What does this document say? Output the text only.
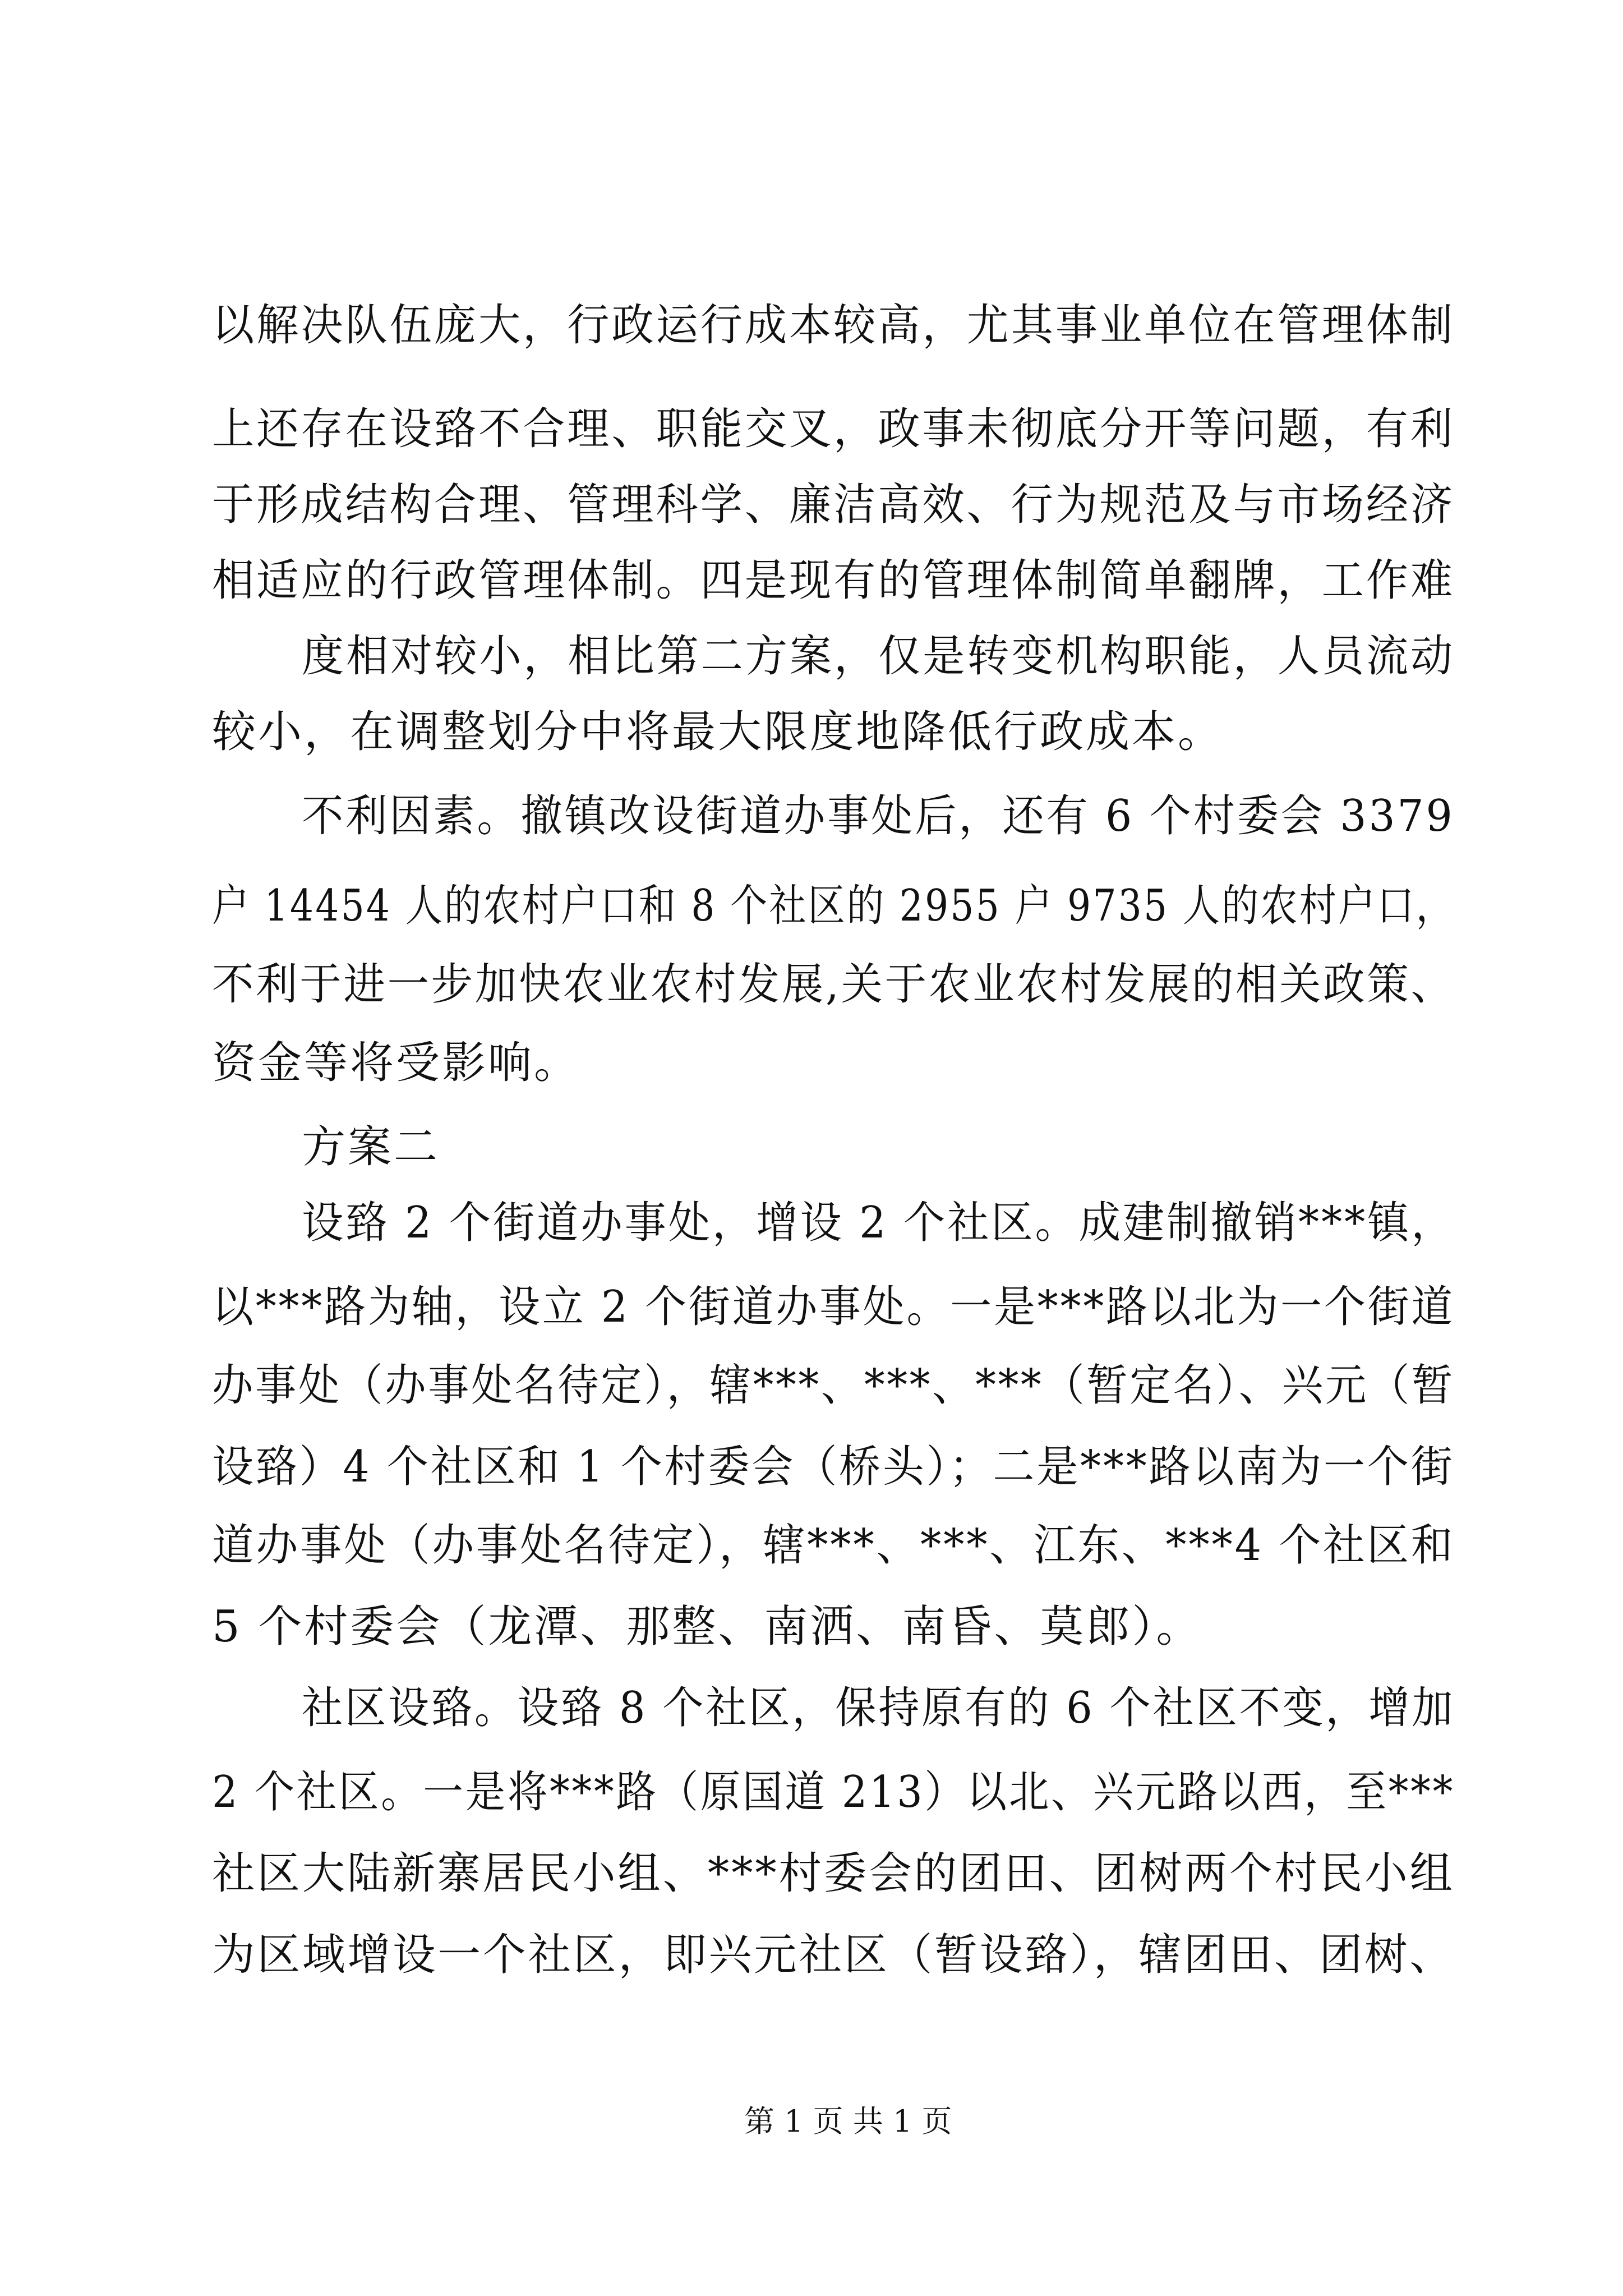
以解决队伍庞大，行政运行成本较高，尤其事业单位在管理体制
上还存在设臵不合理、职能交叉，政事未彻底分开等问题，有利
于形成结构合理、管理科学、廉洁高效、行为规范及与市场经济
相适应的行政管理体制。四是现有的管理体制简单翻牌，工作难
度相对较小，相比第二方案，仅是转变机构职能，人员流动
较小，在调整划分中将最大限度地降低行政成本。
不利因素。撤镇改设街道办事处后，还有 6 个村委会 3379
户 14454 人的农村户口和 8 个社区的 2955 户 9735 人的农村户口，
不利于进一步加快农业农村发展,关于农业农村发展的相关政策、
资金等将受影响。
方案二
设臵 2 个街道办事处，增设 2 个社区。成建制撤销***镇，
以***路为轴，设立 2 个街道办事处。一是***路以北为一个街道
办事处（办事处名待定），辖***、***、***（暂定名）、兴元（暂
设臵）4 个社区和 1 个村委会（桥头）；二是***路以南为一个街
道办事处（办事处名待定），辖***、***、江东、***4 个社区和
5 个村委会（龙潭、那整、南洒、南昏、莫郎）。
社区设臵。设臵 8 个社区，保持原有的 6 个社区不变，增加
2 个社区。一是将***路（原国道 213）以北、兴元路以西，至***
社区大陆新寨居民小组、***村委会的团田、团树两个村民小组
为区域增设一个社区，即兴元社区（暂设臵），辖团田、团树、
第 1 页 共 1 页
